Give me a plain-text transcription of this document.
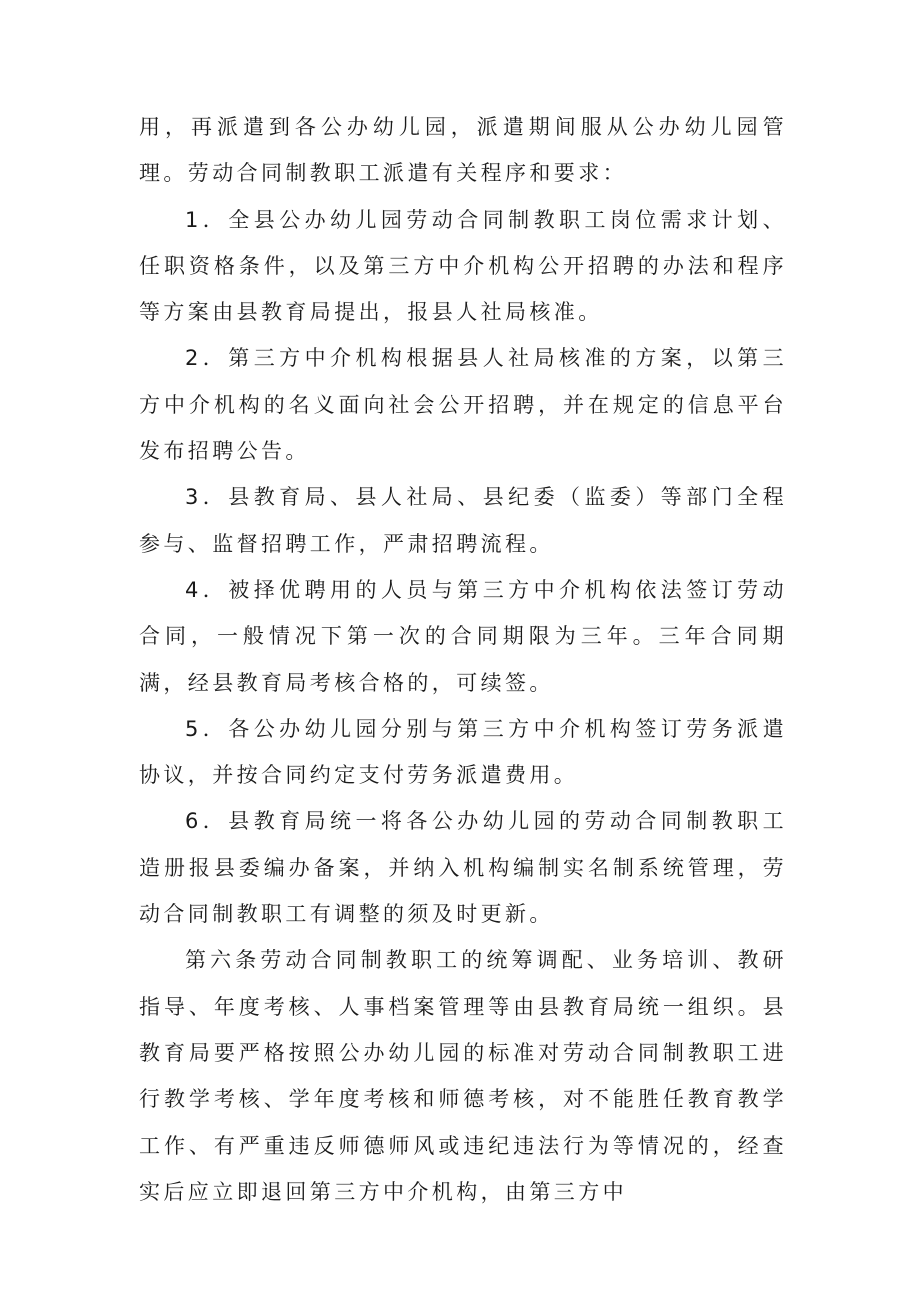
用，再派遣到各公办幼儿园，派遣期间服从公办幼儿园管理。劳动合同制教职工派遣有关程序和要求：

1．全县公办幼儿园劳动合同制教职工岗位需求计划、任职资格条件，以及第三方中介机构公开招聘的办法和程序等方案由县教育局提出，报县人社局核准。

2．第三方中介机构根据县人社局核准的方案，以第三方中介机构的名义面向社会公开招聘，并在规定的信息平台发布招聘公告。

3．县教育局、县人社局、县纪委（监委）等部门全程参与、监督招聘工作，严肃招聘流程。

4．被择优聘用的人员与第三方中介机构依法签订劳动合同，一般情况下第一次的合同期限为三年。三年合同期满，经县教育局考核合格的，可续签。

5．各公办幼儿园分别与第三方中介机构签订劳务派遣协议，并按合同约定支付劳务派遣费用。

6．县教育局统一将各公办幼儿园的劳动合同制教职工造册报县委编办备案，并纳入机构编制实名制系统管理，劳动合同制教职工有调整的须及时更新。

第六条劳动合同制教职工的统筹调配、业务培训、教研指导、年度考核、人事档案管理等由县教育局统一组织。县教育局要严格按照公办幼儿园的标准对劳动合同制教职工进行教学考核、学年度考核和师德考核，对不能胜任教育教学工作、有严重违反师德师风或违纪违法行为等情况的，经查实后应立即退回第三方中介机构，由第三方中
